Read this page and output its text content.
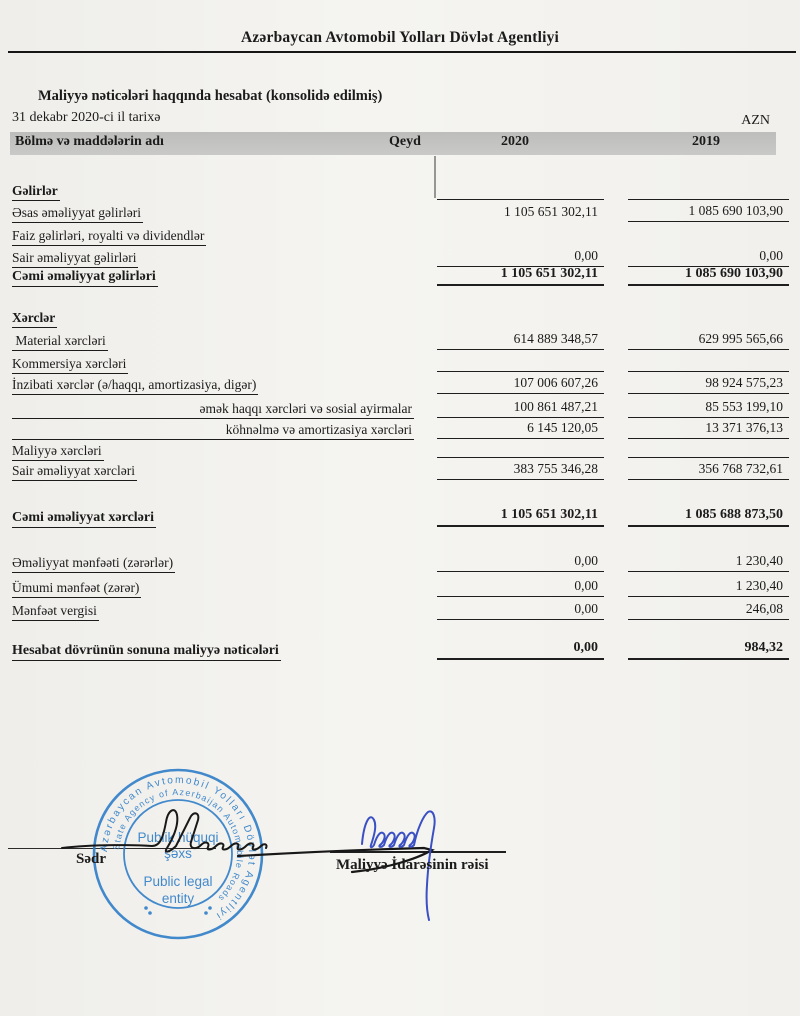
Azərbaycan Avtomobil Yolları Dövlət Agentliyi
Maliyyə nəticələri haqqında hesabat (konsolidə edilmiş)
31 dekabr 2020-ci il tarixə	AZN
Bölmə və maddələrin adı	Qeyd	2020	2019
Gəlirlər
Əsas əməliyyat gəlirləri	1 105 651 302,11	1 085 690 103,90
Faiz gəlirləri, royalti və dividendlər
Sair əməliyyat gəlirləri	0,00	0,00
Cəmi əməliyyat gəlirləri	1 105 651 302,11	1 085 690 103,90
Xərclər
Material xərcləri	614 889 348,57	629 995 565,66
Kommersiya xərcləri
İnzibati xərclər (ə/haqqı, amortizasiya, digər)	107 006 607,26	98 924 575,23
əmək haqqı xərcləri və sosial ayirmalar	100 861 487,21	85 553 199,10
köhnəlmə və amortizasiya xərcləri	6 145 120,05	13 371 376,13
Maliyyə xərcləri
Sair əməliyyat xərcləri	383 755 346,28	356 768 732,61
Cəmi əməliyyat xərcləri	1 105 651 302,11	1 085 688 873,50
Əməliyyat mənfəəti (zərərlər)	0,00	1 230,40
Ümumi mənfəət (zərər)	0,00	1 230,40
Mənfəət vergisi	0,00	246,08
Hesabat dövrünün sonuna maliyyə nəticələri	0,00	984,32
Azərbaycan Avtomobil Yolları Dövlət Agentliyi
State Agency of Azerbaijan Automobile Roads
Publik hüquqi
şəxs
Public legal
entity
Sədr	Maliyyə İdarəsinin rəisi
